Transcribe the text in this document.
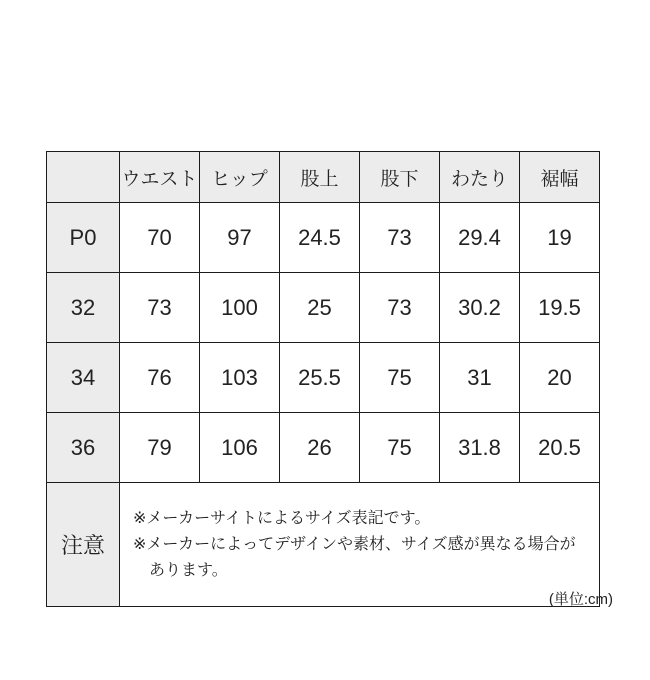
	ウエスト	ヒップ	股上	股下	わたり	裾幅
P0	70	97	24.5	73	29.4	19
32	73	100	25	73	30.2	19.5
34	76	103	25.5	75	31	20
36	79	106	26	75	31.8	20.5
注意	※メーカーサイトによるサイズ表記です。
※メーカーによってデザインや素材、サイズ感が異なる場合が
あります。					
(単位:cm)
